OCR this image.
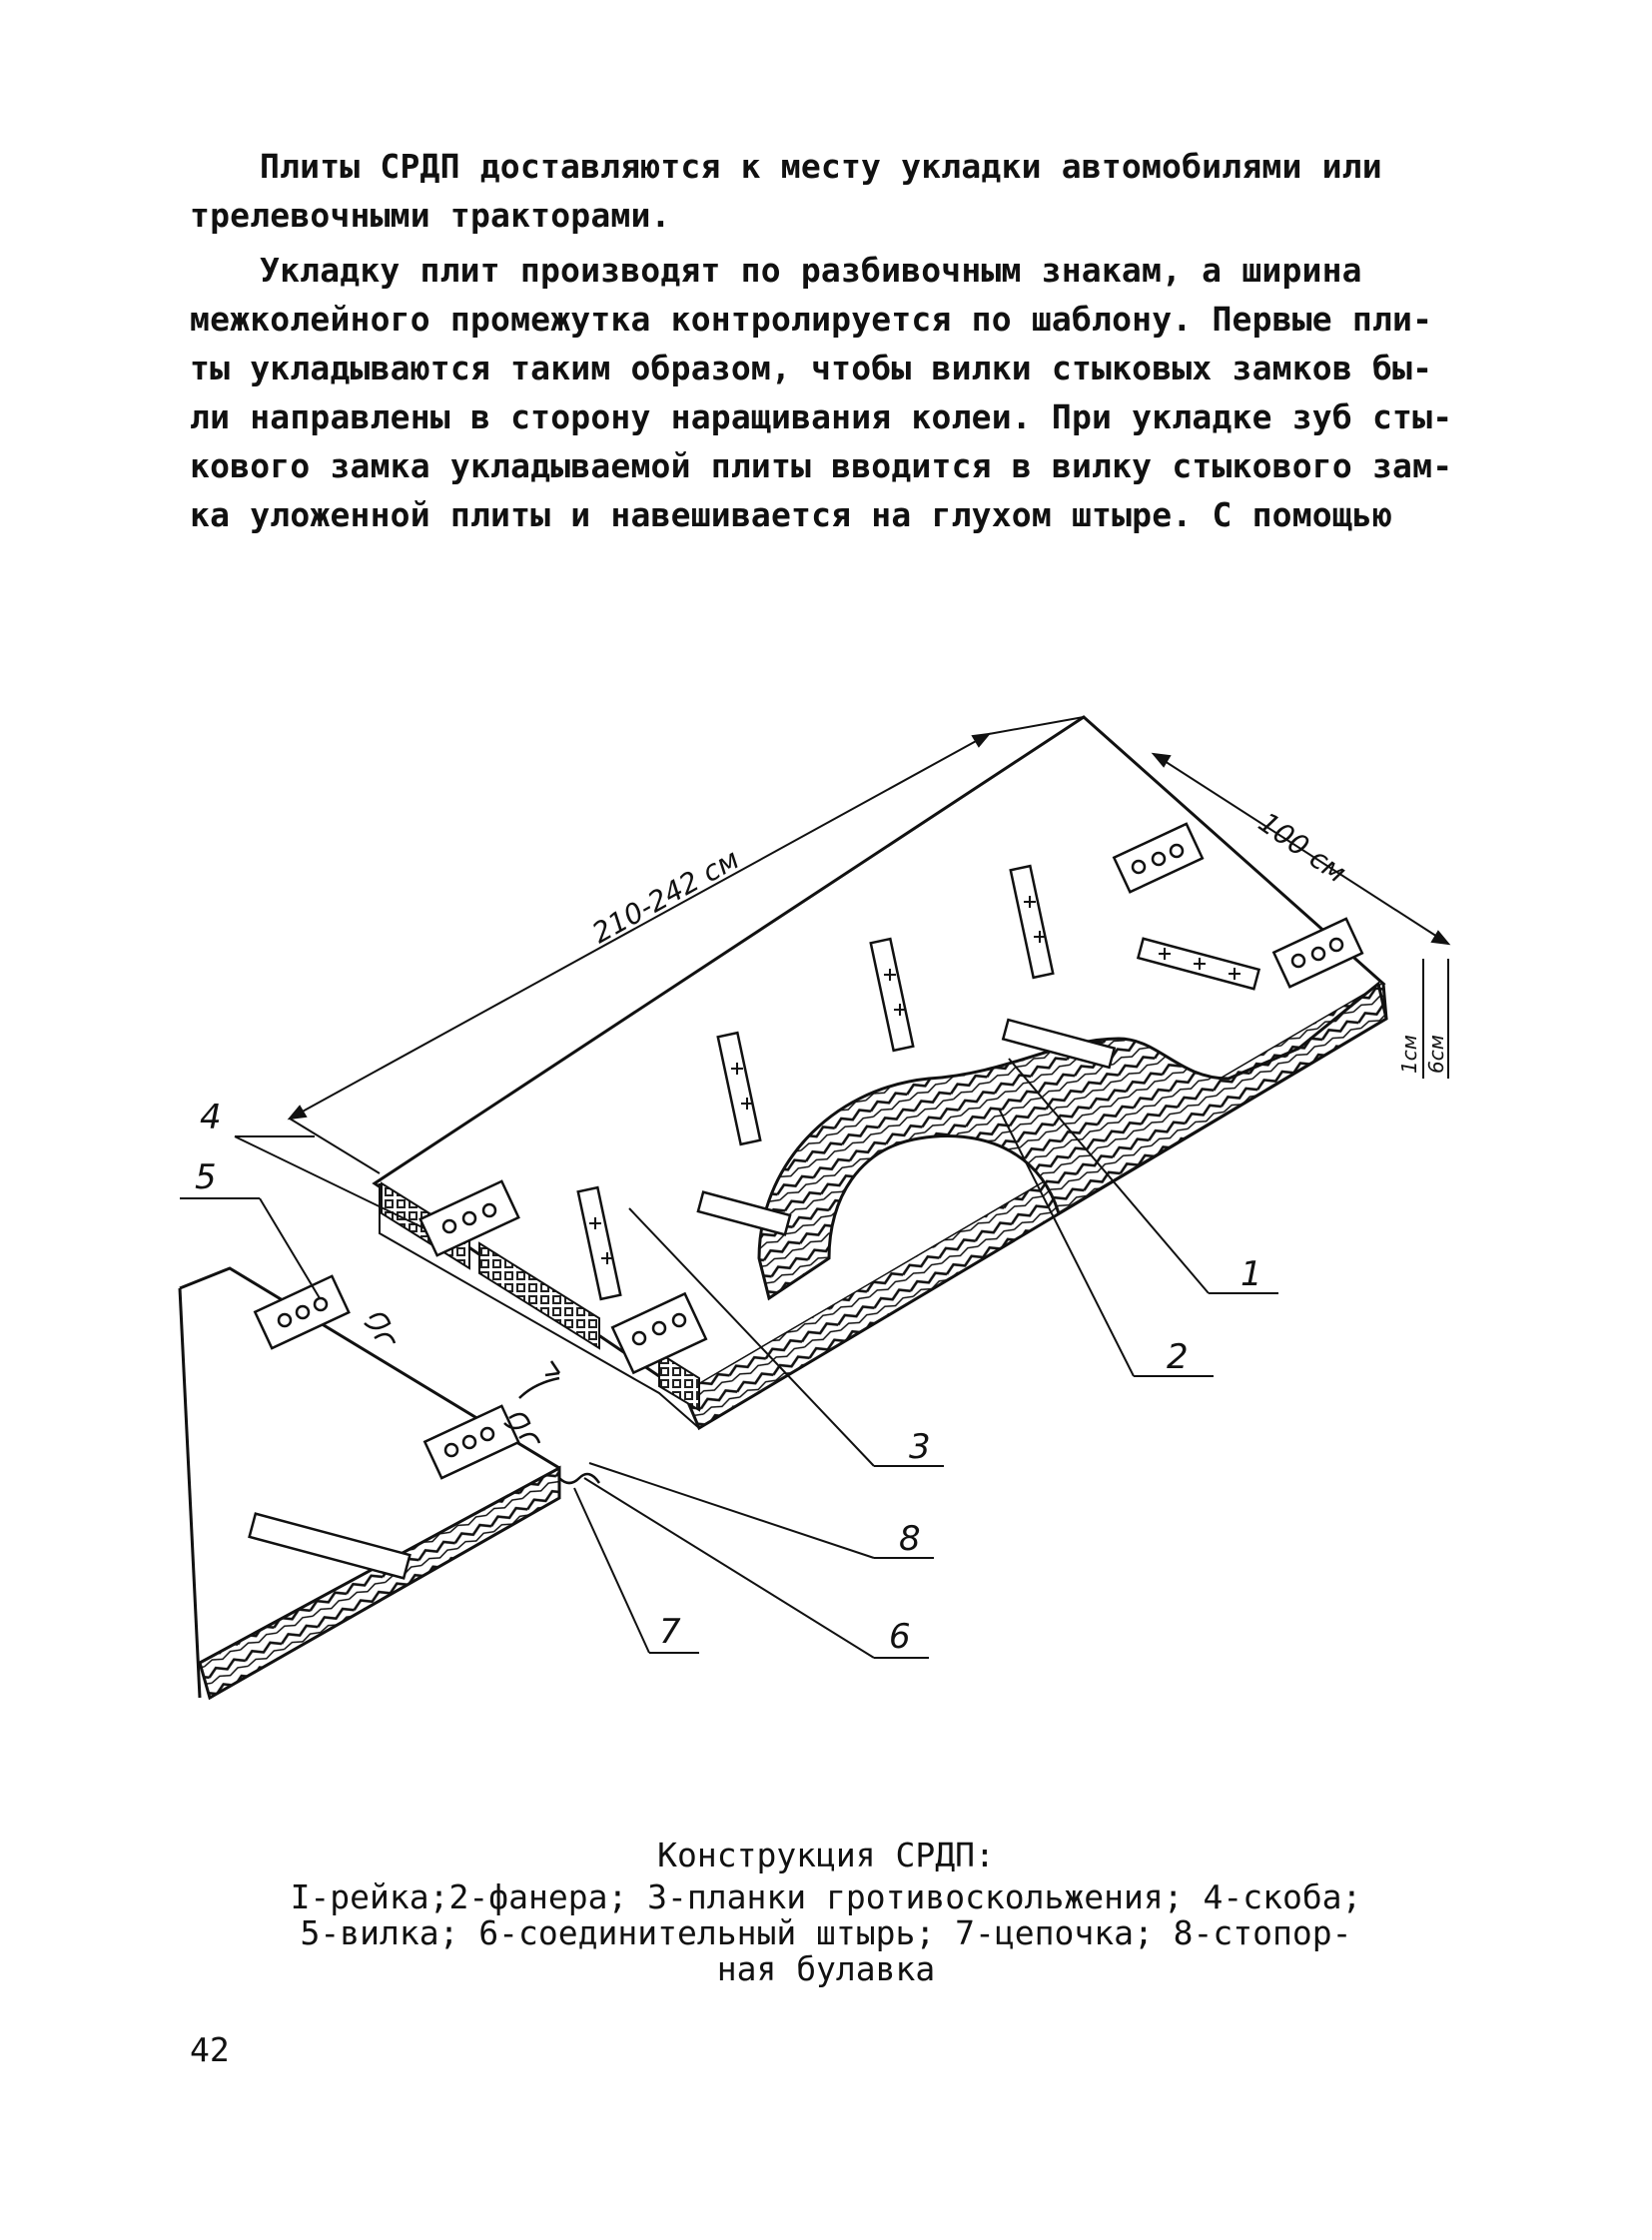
Плиты СРДП доставляются к месту укладки автомобилями или

трелевочными тракторами.

Укладку плит производят по разбивочным знакам, а ширина

межколейного промежутка контролируется по шаблону. Первые пли-

ты укладываются таким образом, чтобы вилки стыковых замков бы-

ли направлены в сторону наращивания колеи. При укладке зуб сты-

кового замка укладываемой плиты вводится в вилку стыкового зам-

ка уложенной плиты и навешивается на глухом штыре. С помощью

210-242 см	100 см
1см 6см
1
2
3
4
5
6
7
8
Конструкция СРДП:
I-рейка;2-фанера; 3-планки гротивоскольжения; 4-скоба;
5-вилка; 6-соединительный штырь; 7-цепочка; 8-стопор-
ная булавка
42
